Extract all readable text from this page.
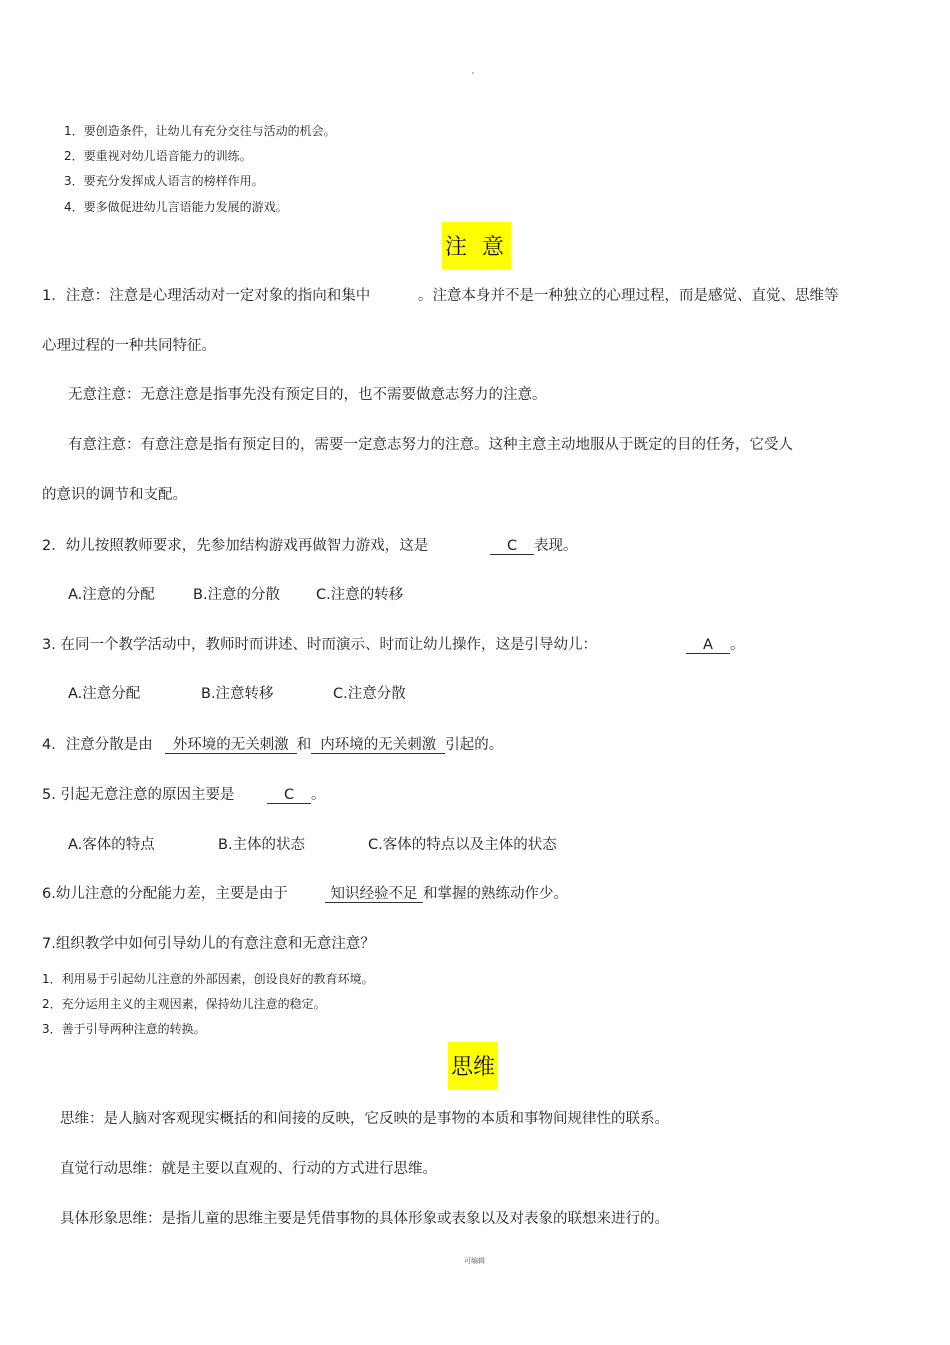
1．要创造条件，让幼儿有充分交往与活动的机会。
2．要重视对幼儿语音能力的训练。
3．要充分发挥成人语言的榜样作用。
4．要多做促进幼儿言语能力发展的游戏。
注 意
1．注意：注意是心理活动对一定对象的指向和集中	。注意本身并不是一种独立的心理过程，而是感觉、直觉、思维等
心理过程的一种共同特征。
无意注意：无意注意是指事先没有预定目的，也不需要做意志努力的注意。
有意注意：有意注意是指有预定目的，需要一定意志努力的注意。这种主意主动地服从于既定的目的任务，它受人
的意识的调节和支配。
2．幼儿按照教师要求，先参加结构游戏再做智力游戏，这是	C 表现。
A.注意的分配	B.注意的分散 C.注意的转移
3. 在同一个教学活动中，教师时而讲述、时而演示、时而让幼儿操作，这是引导幼儿：	A 。
A.注意分配	B.注意转移	C.注意分散
4．注意分散是由 外环境的无关刺激 和 内环境的无关刺激 引起的。
5. 引起无意注意的原因主要是	C 。
A.客体的特点	B.主体的状态	C.客体的特点以及主体的状态
6.幼儿注意的分配能力差，主要是由于	知识经验不足 和掌握的熟练动作少。
7.组织教学中如何引导幼儿的有意注意和无意注意？
1．利用易于引起幼儿注意的外部因素，创设良好的教育环境。
2．充分运用主义的主观因素，保持幼儿注意的稳定。
3．善于引导两种注意的转换。
思维
思维：是人脑对客观现实概括的和间接的反映，它反映的是事物的本质和事物间规律性的联系。
直觉行动思维：就是主要以直观的、行动的方式进行思维。
具体形象思维：是指儿童的思维主要是凭借事物的具体形象或表象以及对表象的联想来进行的。
可编辑
